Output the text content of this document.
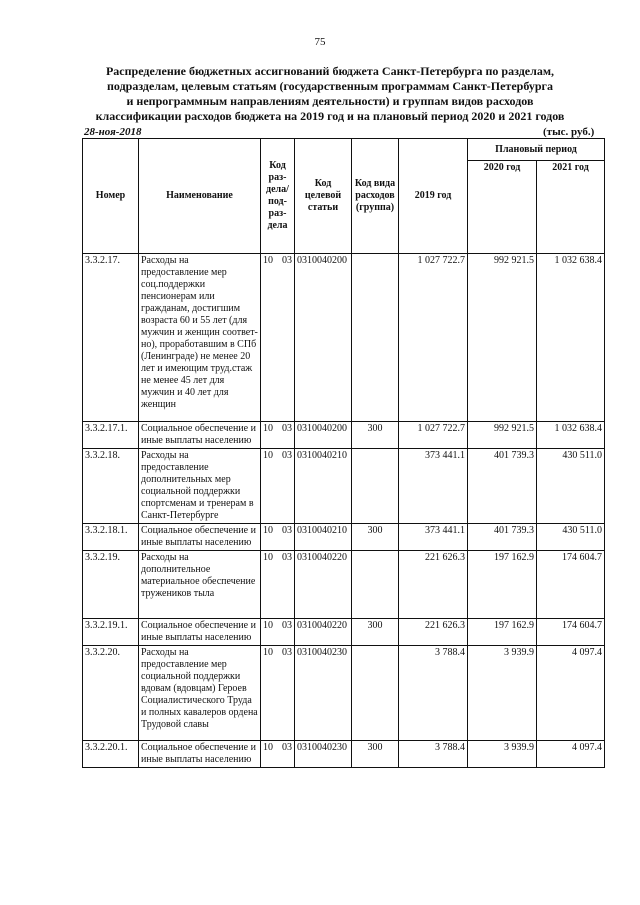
75
Распределение бюджетных ассигнований бюджета Санкт-Петербурга по разделам,
подразделам, целевым статьям (государственным программам Санкт-Петербурга
и непрограммным направлениям деятельности) и группам видов расходов
классификации расходов бюджета на 2019 год и на плановый период 2020 и 2021 годов
28-ноя-2018	(тыс. руб.)
Номер	Наименование	Код раз- дела/ под- раз- дела	Код целевой статьи	Код вида расходов (группа)	2019 год	Плановый период	
						2020 год	2021 год
3.3.2.17.	Расходы на предоставление мер соц.поддержки пенсионерам или гражданам, достигшим возраста 60 и 55 лет (для мужчин и женщин соответ-но), проработавшим в СПб (Ленинграде) не менее 20 лет и имеющим труд.стаж не менее 45 лет для мужчин и 40 лет для женщин	10 03	0310040200		1 027 722.7	992 921.5	1 032 638.4
3.3.2.17.1.	Социальное обеспечение и иные выплаты населению	10 03	0310040200	300	1 027 722.7	992 921.5	1 032 638.4
3.3.2.18.	Расходы на предоставление дополнительных мер социальной поддержки спортсменам и тренерам в Санкт-Петербурге	10 03	0310040210		373 441.1	401 739.3	430 511.0
3.3.2.18.1.	Социальное обеспечение и иные выплаты населению	10 03	0310040210	300	373 441.1	401 739.3	430 511.0
3.3.2.19.	Расходы на дополнительное материальное обеспечение тружеников тыла	10 03	0310040220		221 626.3	197 162.9	174 604.7
3.3.2.19.1.	Социальное обеспечение и иные выплаты населению	10 03	0310040220	300	221 626.3	197 162.9	174 604.7
3.3.2.20.	Расходы на предоставление мер социальной поддержки вдовам (вдовцам) Героев Социалистического Труда и полных кавалеров ордена Трудовой славы	10 03	0310040230		3 788.4	3 939.9	4 097.4
3.3.2.20.1.	Социальное обеспечение и иные выплаты населению	10 03	0310040230	300	3 788.4	3 939.9	4 097.4
